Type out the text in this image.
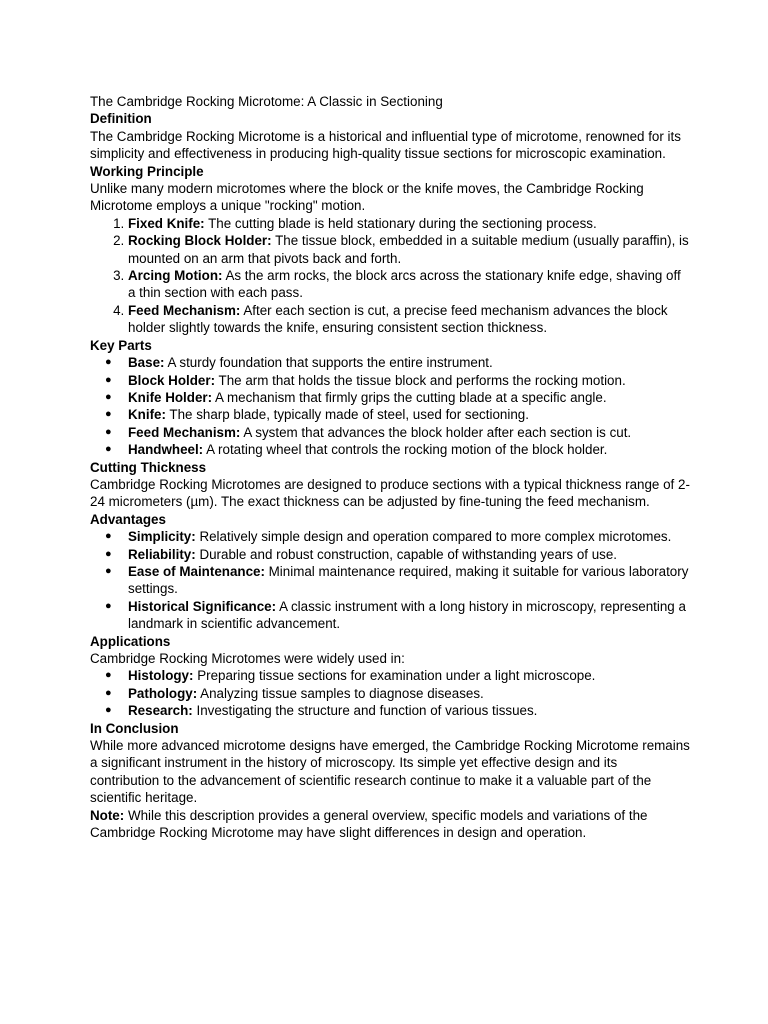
The Cambridge Rocking Microtome: A Classic in Sectioning

Definition

The Cambridge Rocking Microtome is a historical and influential type of microtome, renowned for its simplicity and effectiveness in producing high-quality tissue sections for microscopic examination.

Working Principle

Unlike many modern microtomes where the block or the knife moves, the Cambridge Rocking Microtome employs a unique "rocking" motion.

1. Fixed Knife: The cutting blade is held stationary during the sectioning process.
2. Rocking Block Holder: The tissue block, embedded in a suitable medium (usually paraffin), is mounted on an arm that pivots back and forth.
3. Arcing Motion: As the arm rocks, the block arcs across the stationary knife edge, shaving off a thin section with each pass.
4. Feed Mechanism: After each section is cut, a precise feed mechanism advances the block holder slightly towards the knife, ensuring consistent section thickness.

Key Parts

● Base: A sturdy foundation that supports the entire instrument.
● Block Holder: The arm that holds the tissue block and performs the rocking motion.
● Knife Holder: A mechanism that firmly grips the cutting blade at a specific angle.
● Knife: The sharp blade, typically made of steel, used for sectioning.
● Feed Mechanism: A system that advances the block holder after each section is cut.
● Handwheel: A rotating wheel that controls the rocking motion of the block holder.

Cutting Thickness

Cambridge Rocking Microtomes are designed to produce sections with a typical thickness range of 2-24 micrometers (µm). The exact thickness can be adjusted by fine-tuning the feed mechanism.

Advantages

● Simplicity: Relatively simple design and operation compared to more complex microtomes.
● Reliability: Durable and robust construction, capable of withstanding years of use.
● Ease of Maintenance: Minimal maintenance required, making it suitable for various laboratory settings.
● Historical Significance: A classic instrument with a long history in microscopy, representing a landmark in scientific advancement.

Applications

Cambridge Rocking Microtomes were widely used in:

● Histology: Preparing tissue sections for examination under a light microscope.
● Pathology: Analyzing tissue samples to diagnose diseases.
● Research: Investigating the structure and function of various tissues.

In Conclusion

While more advanced microtome designs have emerged, the Cambridge Rocking Microtome remains a significant instrument in the history of microscopy. Its simple yet effective design and its contribution to the advancement of scientific research continue to make it a valuable part of the scientific heritage.

Note: While this description provides a general overview, specific models and variations of the Cambridge Rocking Microtome may have slight differences in design and operation.
